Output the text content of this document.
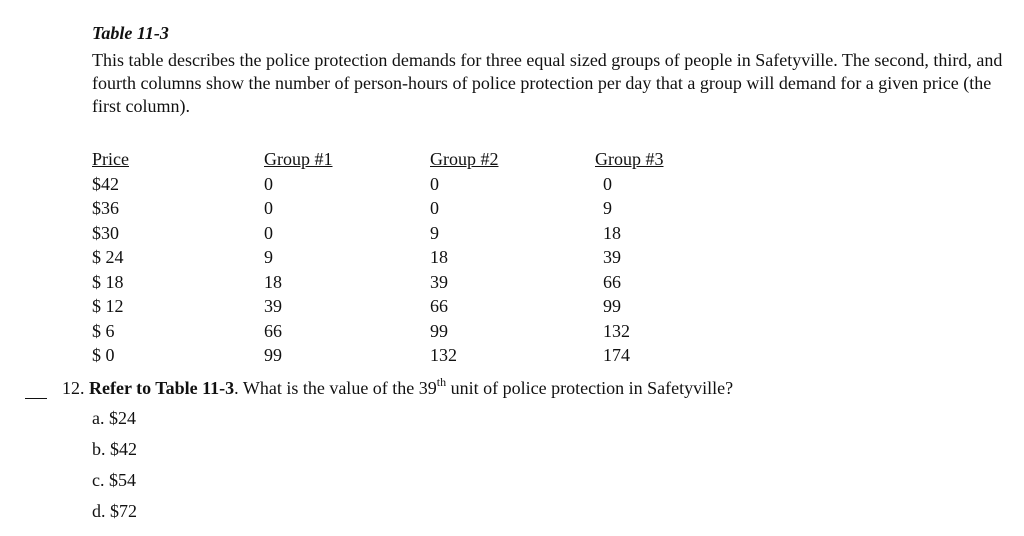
Table 11-3
This table describes the police protection demands for three equal sized groups of people in Safetyville. The second, third, and fourth columns show the number of person-hours of police protection per day that a group will demand for a given price (the first column).
Price	Group #1	Group #2	Group #3
$42	0	0	0
$36	0	0	9
$30	0	9	18
$ 24	9	18	39
$ 18	18	39	66
$ 12	39	66	99
$ 6	66	99	132
$ 0	99	132	174
12. Refer to Table 11-3. What is the value of the 39th unit of police protection in Safetyville?
a. $24
b. $42
c. $54
d. $72
